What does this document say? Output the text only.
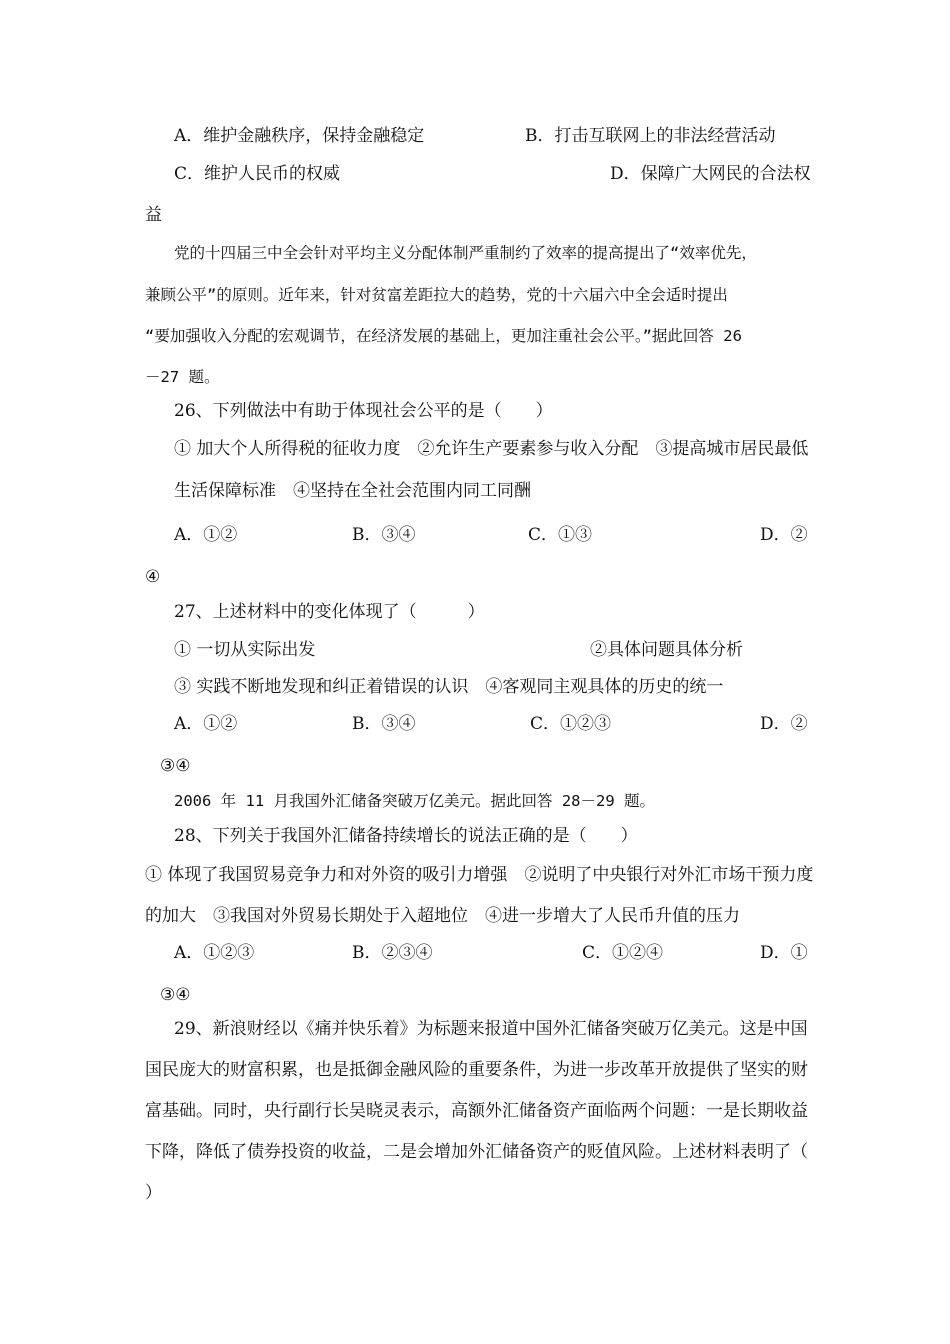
A．维护金融秩序，保持金融稳定	B．打击互联网上的非法经营活动
C．维护人民币的权威	D．保障广大网民的合法权
益
党的十四届三中全会针对平均主义分配体制严重制约了效率的提高提出了“效率优先，
兼顾公平”的原则。近年来，针对贫富差距拉大的趋势，党的十六届六中全会适时提出
“要加强收入分配的宏观调节，在经济发展的基础上，更加注重社会公平。”据此回答 26
－27 题。
26、下列做法中有助于体现社会公平的是（　　）
① 加大个人所得税的征收力度　②允许生产要素参与收入分配　③提高城市居民最低
生活保障标准　④坚持在全社会范围内同工同酬
A．①②	B．③④	C．①③	D．②
④
27、上述材料中的变化体现了（　　　）
① 一切从实际出发	②具体问题具体分析
③ 实践不断地发现和纠正着错误的认识　④客观同主观具体的历史的统一
A．①②	B．③④	C．①②③	D．②
③④
2006 年 11 月我国外汇储备突破万亿美元。据此回答 28－29 题。
28、下列关于我国外汇储备持续增长的说法正确的是（　　）
① 体现了我国贸易竞争力和对外资的吸引力增强　②说明了中央银行对外汇市场干预力度
的加大　③我国对外贸易长期处于入超地位　④进一步增大了人民币升值的压力
A．①②③	B．②③④	C．①②④	D．①
③④
29、新浪财经以《痛并快乐着》为标题来报道中国外汇储备突破万亿美元。这是中国
国民庞大的财富积累，也是抵御金融风险的重要条件，为进一步改革开放提供了坚实的财
富基础。同时，央行副行长吴晓灵表示，高额外汇储备资产面临两个问题：一是长期收益
下降，降低了债券投资的收益，二是会增加外汇储备资产的贬值风险。上述材料表明了（
）
